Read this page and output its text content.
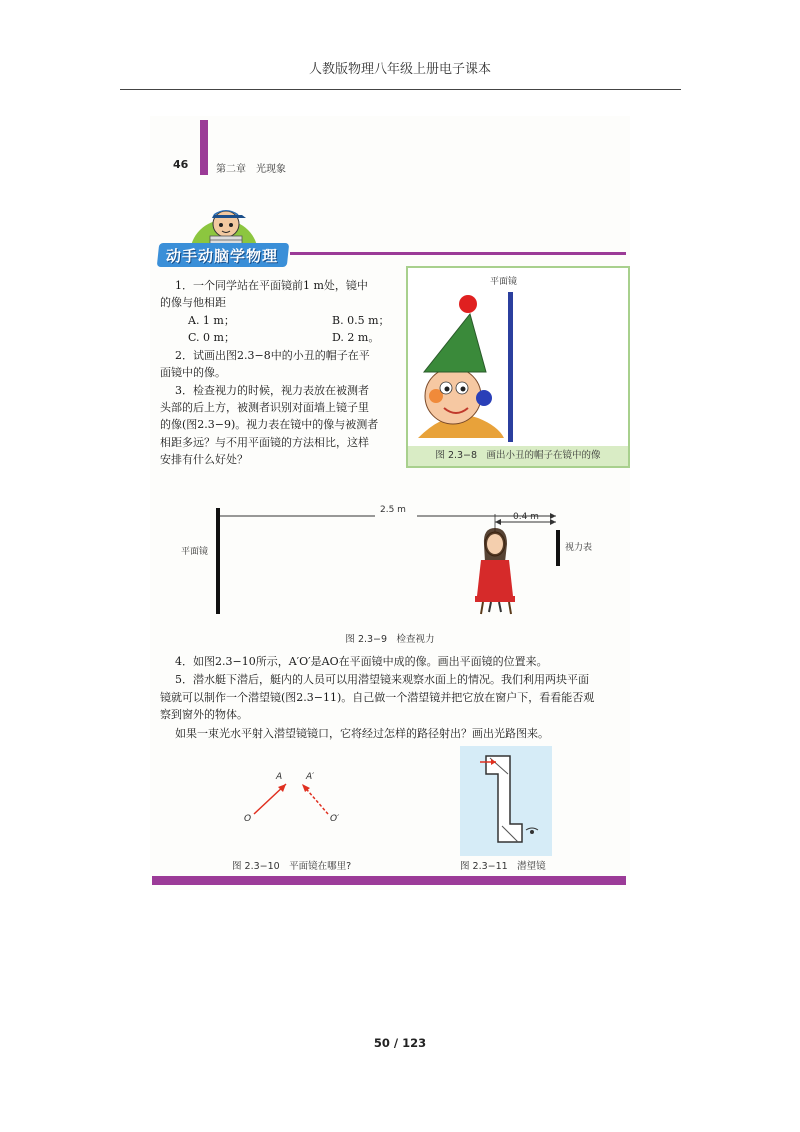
人教版物理八年级上册电子课本
46	第二章　光现象
动手动脑学物理
1．一个同学站在平面镜前1 m处，镜中
的像与他相距
A. 1 m；	B. 0.5 m；
C. 0 m；	D. 2 m。
2．试画出图2.3−8中的小丑的帽子在平
面镜中的像。
3．检查视力的时候，视力表放在被测者
头部的后上方，被测者识别对面墙上镜子里
的像(图2.3−9)。视力表在镜中的像与被测者
相距多远？与不用平面镜的方法相比，这样
安排有什么好处？
平面镜
图 2.3−8　画出小丑的帽子在镜中的像
2.5 m
0.4 m
平面镜	视力表
图 2.3−9　检查视力
4．如图2.3−10所示，A′O′是AO在平面镜中成的像。画出平面镜的位置来。
5．潜水艇下潜后，艇内的人员可以用潜望镜来观察水面上的情况。我们利用两块平面
镜就可以制作一个潜望镜(图2.3−11)。自己做一个潜望镜并把它放在窗户下，看看能否观
察到窗外的物体。
如果一束光水平射入潜望镜镜口，它将经过怎样的路径射出？画出光路图来。
A	A′
O	O′
图 2.3−10　平面镜在哪里?	图 2.3−11　潜望镜
50 / 123
